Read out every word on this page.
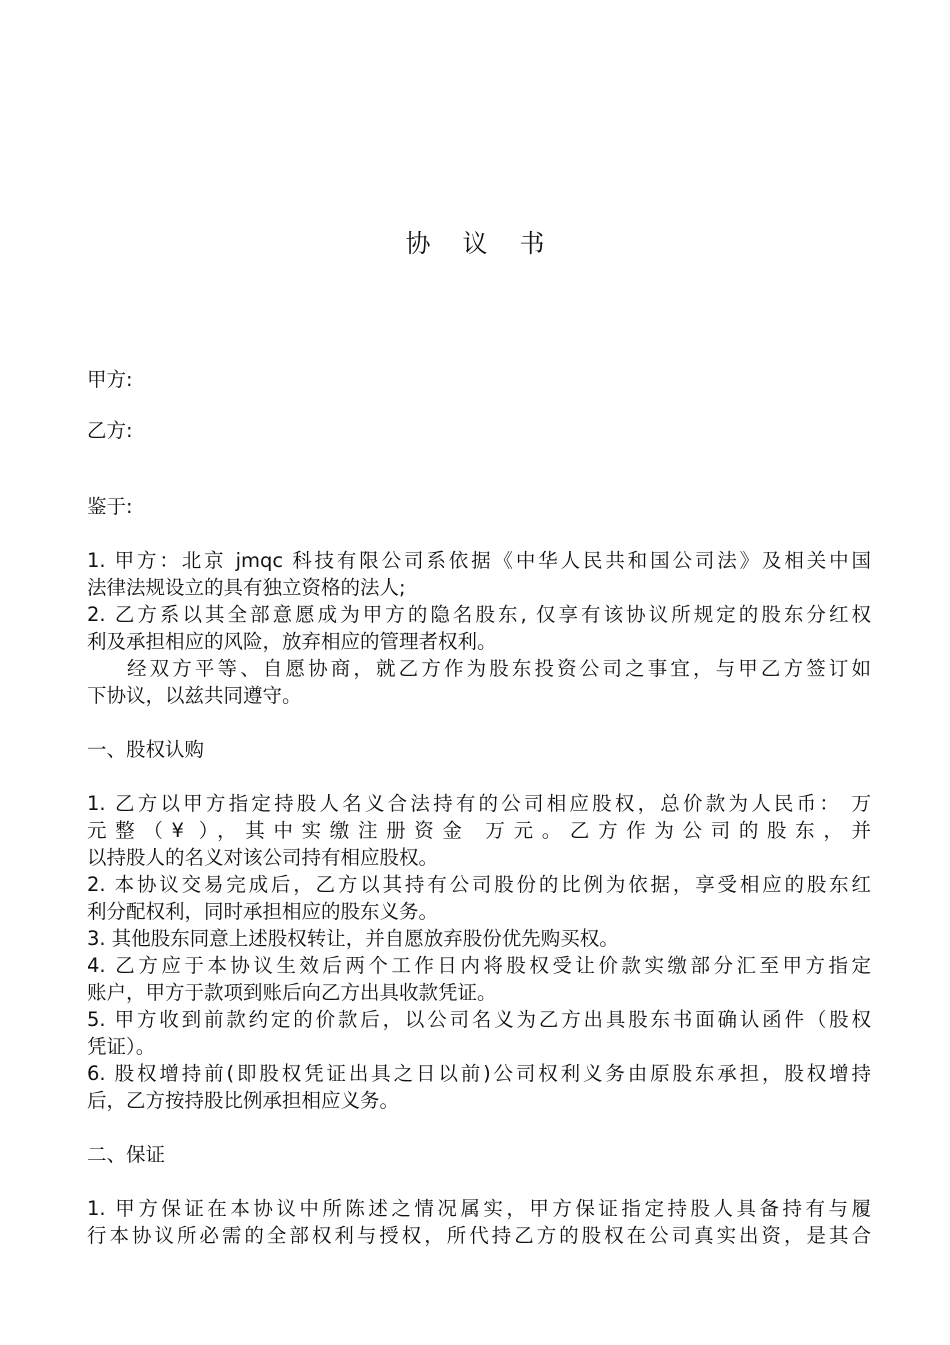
协 议 书
甲方:
乙方:
鉴于:
1. 甲方：北京 jmqc 科技有限公司系依据《中华人民共和国公司法》及相关中国
法律法规设立的具有独立资格的法人;
2. 乙方系以其全部意愿成为甲方的隐名股东, 仅享有该协议所规定的股东分红权
利及承担相应的风险，放弃相应的管理者权利。
经双方平等、自愿协商，就乙方作为股东投资公司之事宜，与甲乙方签订如
下协议，以兹共同遵守。
一、股权认购
1. 乙方以甲方指定持股人名义合法持有的公司相应股权，总价款为人民币： 万
元整（¥ ），其中实缴注册资金 万元。乙方作为公司的股东，并
以持股人的名义对该公司持有相应股权。
2. 本协议交易完成后，乙方以其持有公司股份的比例为依据，享受相应的股东红
利分配权利，同时承担相应的股东义务。
3. 其他股东同意上述股权转让，并自愿放弃股份优先购买权。
4. 乙方应于本协议生效后两个工作日内将股权受让价款实缴部分汇至甲方指定
账户，甲方于款项到账后向乙方出具收款凭证。
5. 甲方收到前款约定的价款后，以公司名义为乙方出具股东书面确认函件（股权
凭证）。
6. 股权增持前(即股权凭证出具之日以前)公司权利义务由原股东承担，股权增持
后，乙方按持股比例承担相应义务。
二、保证
1. 甲方保证在本协议中所陈述之情况属实，甲方保证指定持股人具备持有与履
行本协议所必需的全部权利与授权，所代持乙方的股权在公司真实出资，是其合
